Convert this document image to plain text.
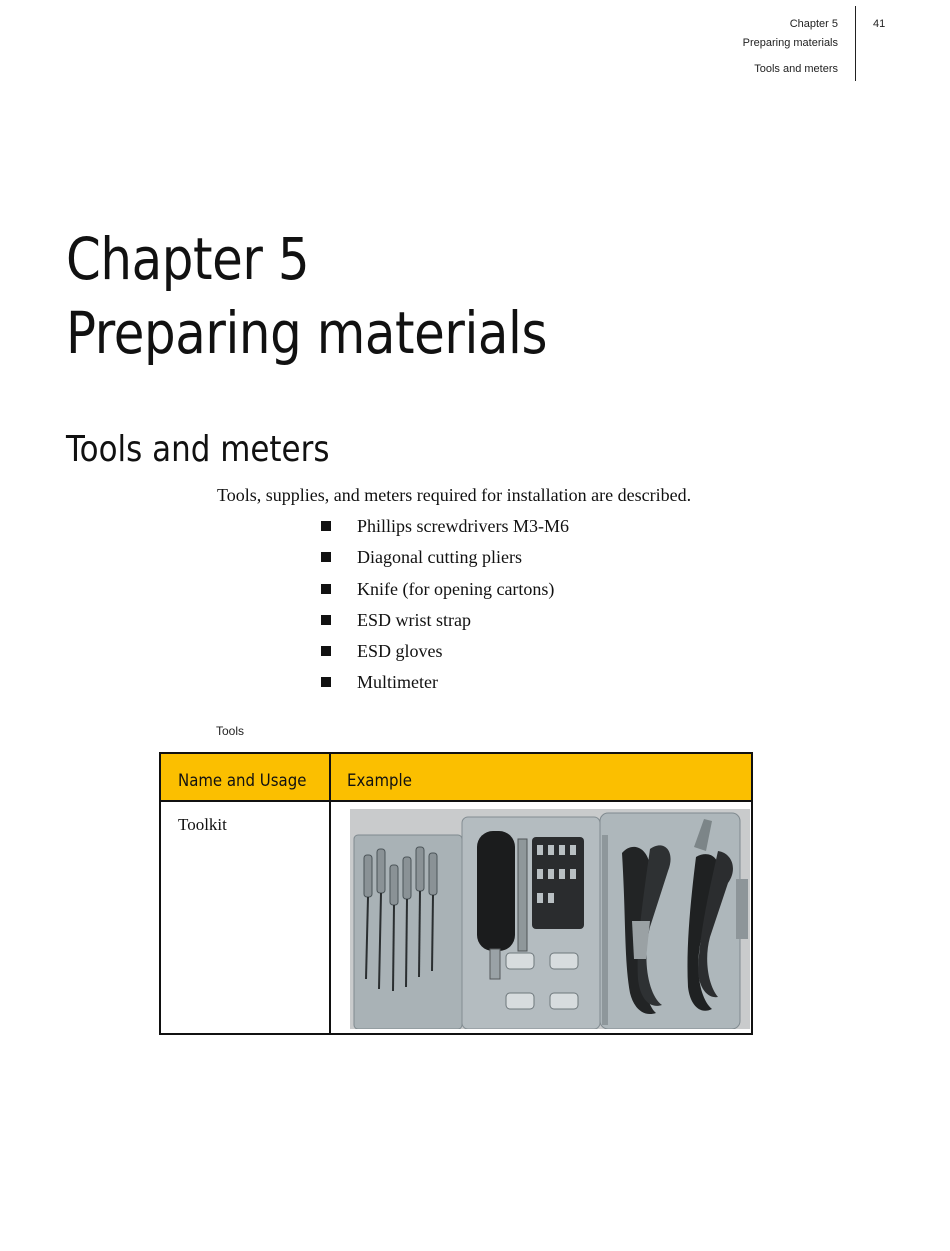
Chapter 5
Preparing materials
Tools and meters
41
Chapter 5
Preparing materials
Tools and meters

Tools, supplies, and meters required for installation are described.

Phillips screwdrivers M3-M6
Diagonal cutting pliers
Knife (for opening cartons)
ESD wrist strap
ESD gloves
Multimeter
Tools
Name and Usage Example
Toolkit
